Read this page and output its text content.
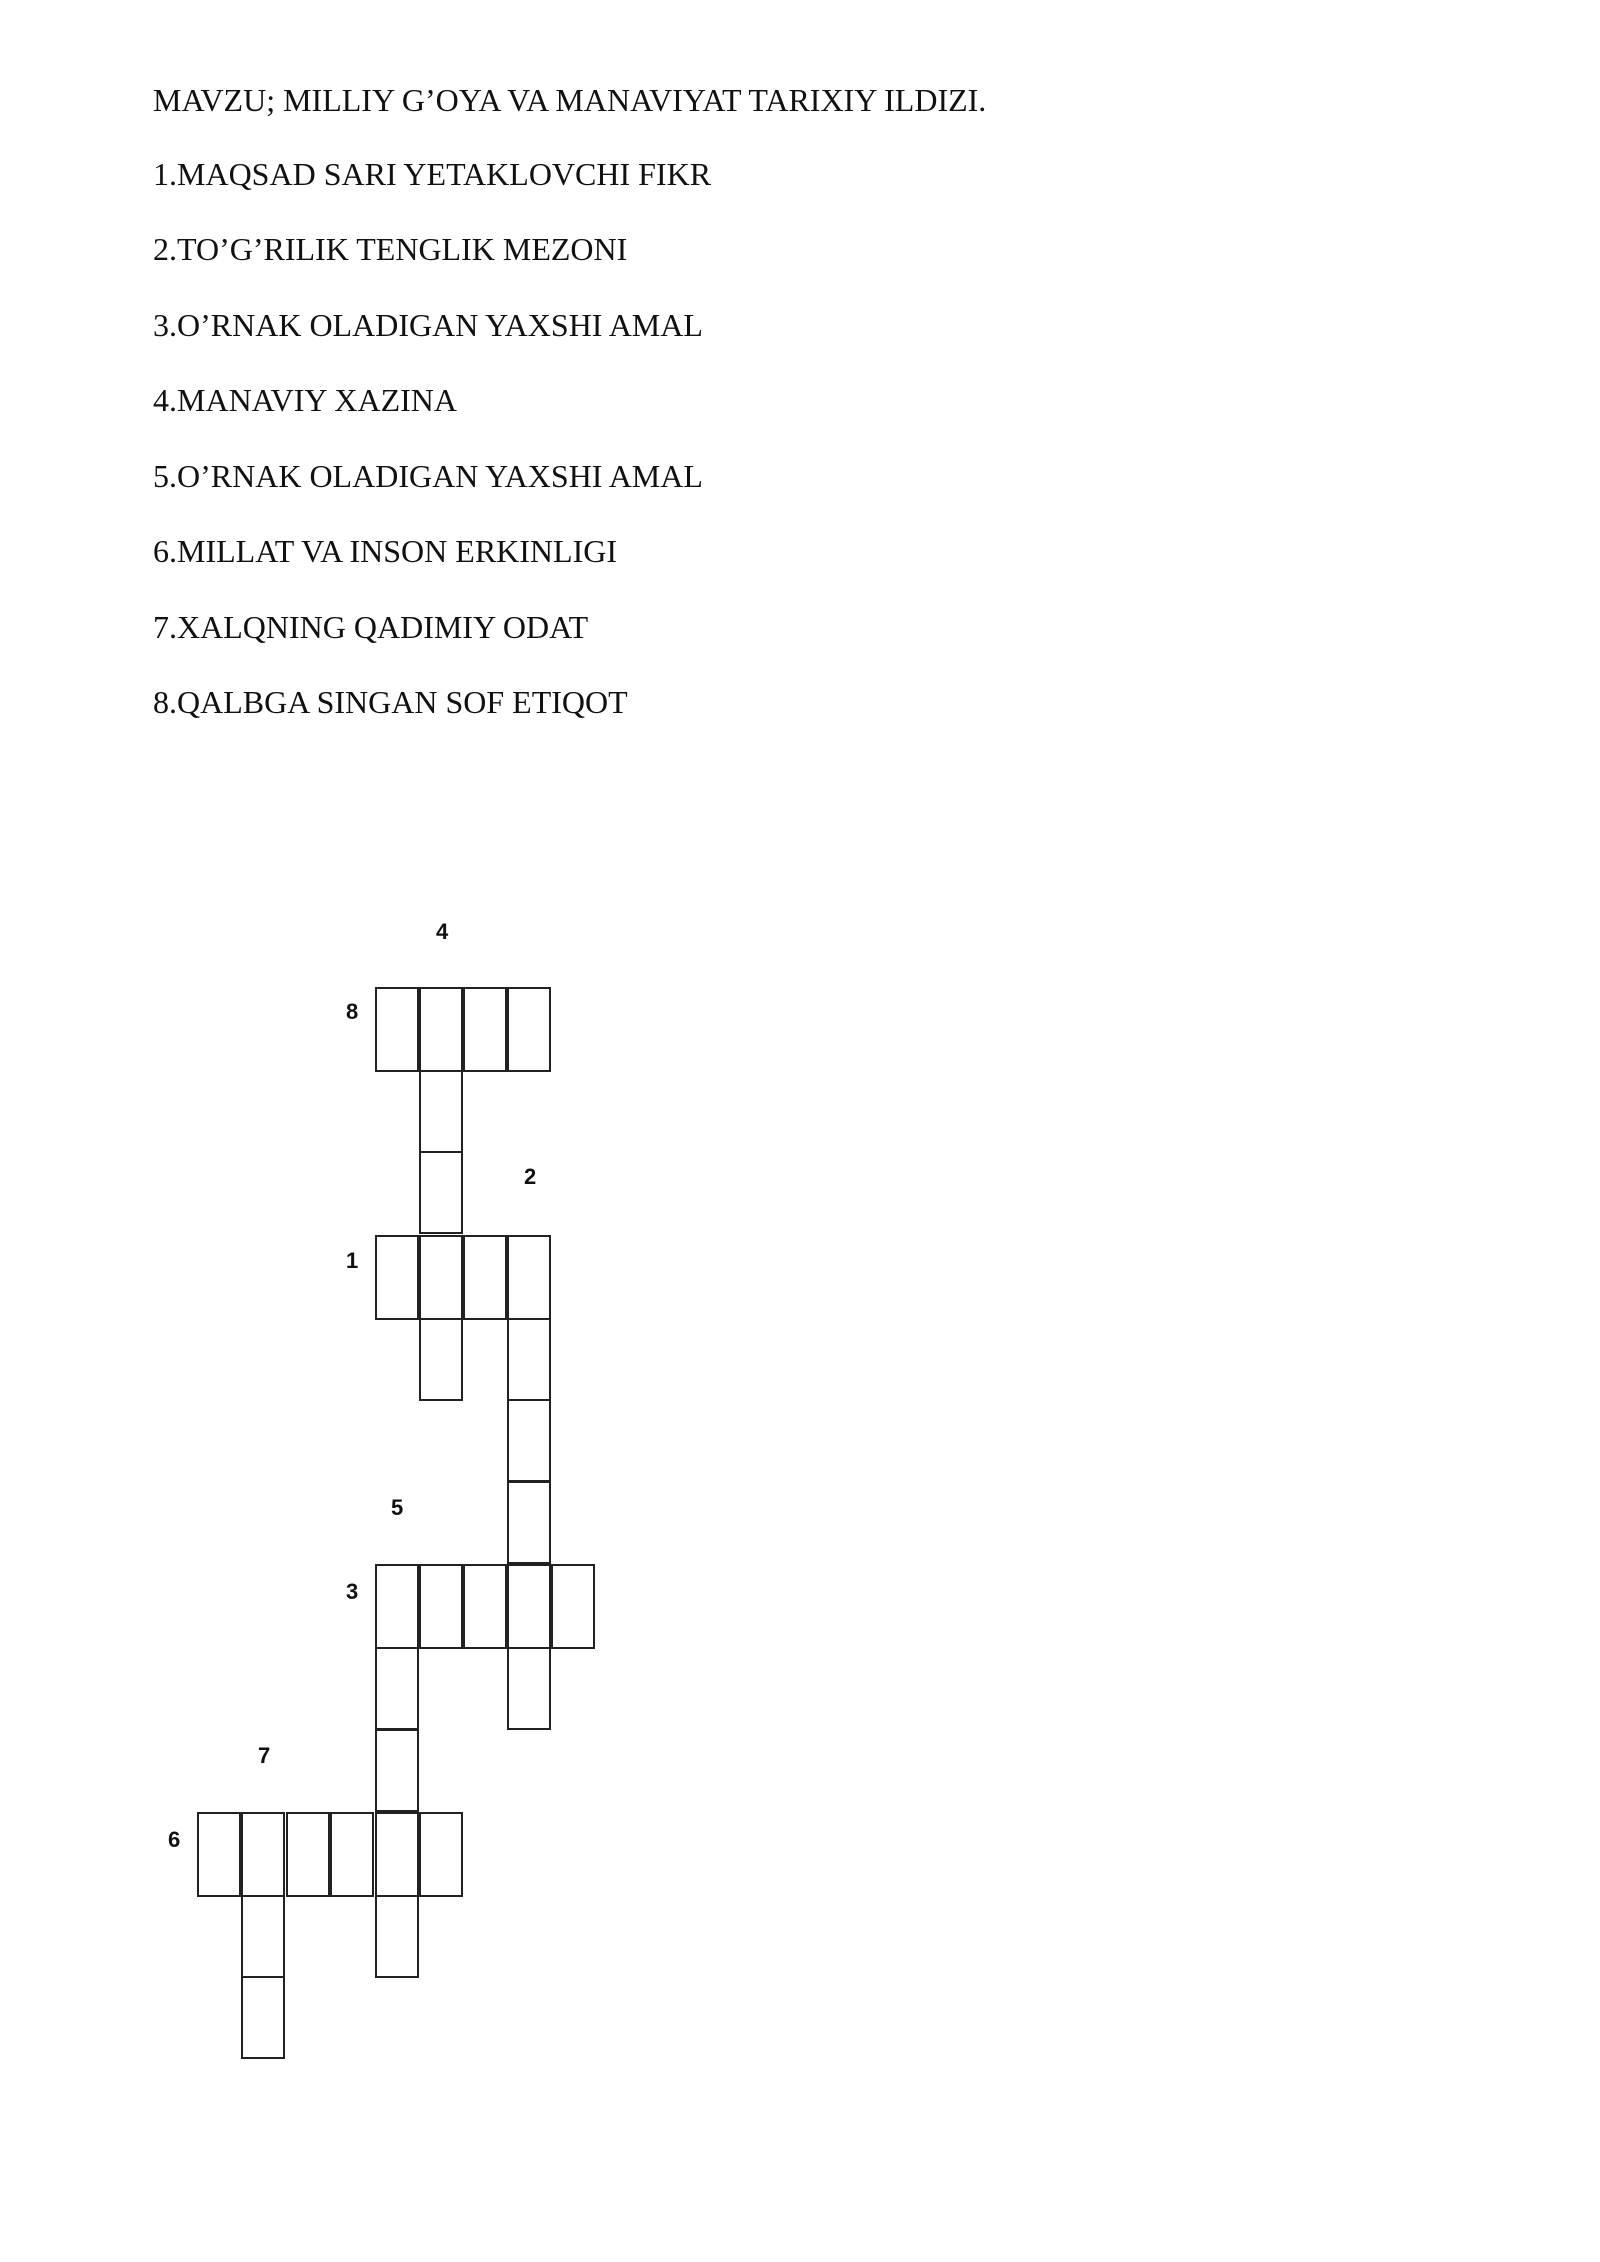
MAVZU; MILLIY G’OYA VA MANAVIYAT TARIXIY ILDIZI.
1.MAQSAD SARI YETAKLOVCHI FIKR
2.TO’G’RILIK TENGLIK MEZONI
3.O’RNAK OLADIGAN YAXSHI AMAL
4.MANAVIY XAZINA
5.O’RNAK OLADIGAN YAXSHI AMAL
6.MILLAT VA INSON ERKINLIGI
7.XALQNING QADIMIY ODAT
8.QALBGA SINGAN SOF ETIQOT
4
8
2
1
5
3
7
6
